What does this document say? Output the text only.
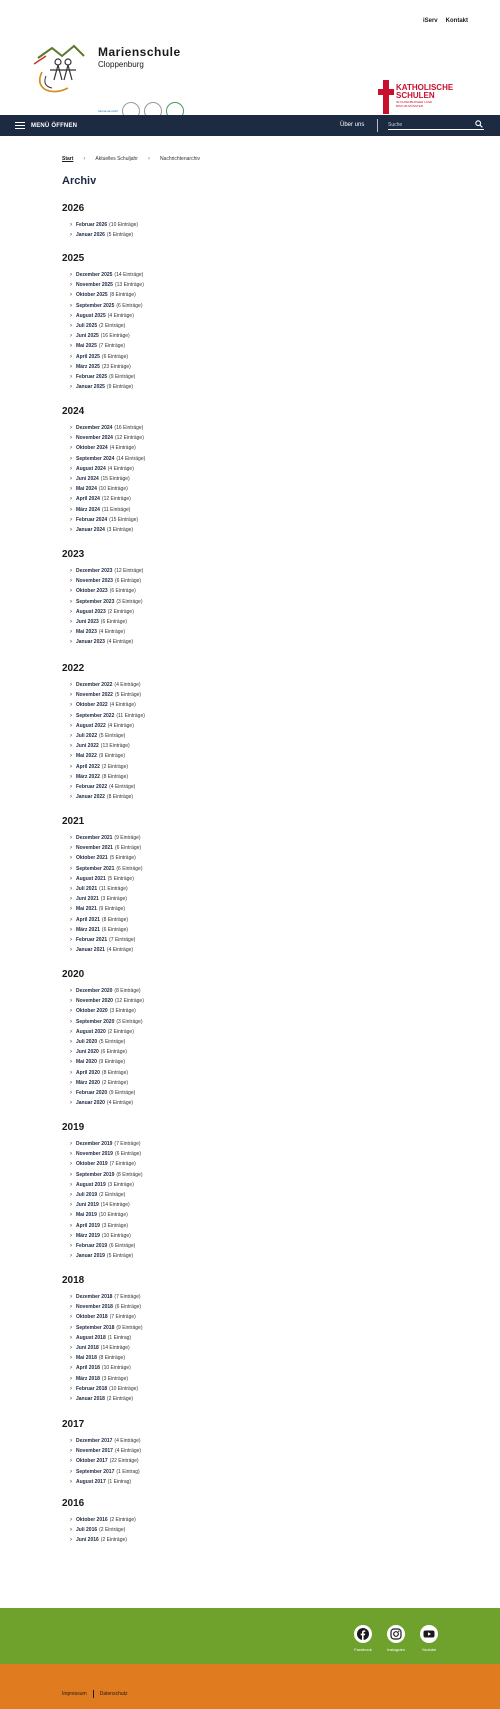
iServ Kontakt
Marienschule
Cloppenburg
hanna.de.recht
KATHOLISCHE
SCHULEN
IM OLDENBURGER LAND
BISTUM MÜNSTER
MENÜ ÖFFNEN	Über uns
Suche
Start › Aktuelles Schuljahr › Nachrichtenarchiv
Archiv
2026
› Februar 2026 (10 Einträge)
› Januar 2026 (5 Einträge)
2025
› Dezember 2025 (14 Einträge)
› November 2025 (13 Einträge)
› Oktober 2025 (8 Einträge)
› September 2025 (6 Einträge)
› August 2025 (4 Einträge)
› Juli 2025 (2 Einträge)
› Juni 2025 (16 Einträge)
› Mai 2025 (7 Einträge)
› April 2025 (6 Einträge)
› März 2025 (23 Einträge)
› Februar 2025 (9 Einträge)
› Januar 2025 (9 Einträge)
2024
› Dezember 2024 (16 Einträge)
› November 2024 (12 Einträge)
› Oktober 2024 (4 Einträge)
› September 2024 (14 Einträge)
› August 2024 (4 Einträge)
› Juni 2024 (15 Einträge)
› Mai 2024 (10 Einträge)
› April 2024 (12 Einträge)
› März 2024 (11 Einträge)
› Februar 2024 (15 Einträge)
› Januar 2024 (3 Einträge)
2023
› Dezember 2023 (12 Einträge)
› November 2023 (6 Einträge)
› Oktober 2023 (6 Einträge)
› September 2023 (3 Einträge)
› August 2023 (2 Einträge)
› Juni 2023 (6 Einträge)
› Mai 2023 (4 Einträge)
› Januar 2023 (4 Einträge)
2022
› Dezember 2022 (4 Einträge)
› November 2022 (5 Einträge)
› Oktober 2022 (4 Einträge)
› September 2022 (11 Einträge)
› August 2022 (4 Einträge)
› Juli 2022 (5 Einträge)
› Juni 2022 (13 Einträge)
› Mai 2022 (9 Einträge)
› April 2022 (2 Einträge)
› März 2022 (8 Einträge)
› Februar 2022 (4 Einträge)
› Januar 2022 (8 Einträge)
2021
› Dezember 2021 (9 Einträge)
› November 2021 (6 Einträge)
› Oktober 2021 (5 Einträge)
› September 2021 (6 Einträge)
› August 2021 (5 Einträge)
› Juli 2021 (11 Einträge)
› Juni 2021 (3 Einträge)
› Mai 2021 (9 Einträge)
› April 2021 (8 Einträge)
› März 2021 (6 Einträge)
› Februar 2021 (7 Einträge)
› Januar 2021 (4 Einträge)
2020
› Dezember 2020 (8 Einträge)
› November 2020 (12 Einträge)
› Oktober 2020 (3 Einträge)
› September 2020 (3 Einträge)
› August 2020 (2 Einträge)
› Juli 2020 (5 Einträge)
› Juni 2020 (6 Einträge)
› Mai 2020 (9 Einträge)
› April 2020 (8 Einträge)
› März 2020 (2 Einträge)
› Februar 2020 (9 Einträge)
› Januar 2020 (4 Einträge)
2019
› Dezember 2019 (7 Einträge)
› November 2019 (6 Einträge)
› Oktober 2019 (7 Einträge)
› September 2019 (8 Einträge)
› August 2019 (3 Einträge)
› Juli 2019 (2 Einträge)
› Juni 2019 (14 Einträge)
› Mai 2019 (10 Einträge)
› April 2019 (3 Einträge)
› März 2019 (10 Einträge)
› Februar 2019 (6 Einträge)
› Januar 2019 (5 Einträge)
2018
› Dezember 2018 (7 Einträge)
› November 2018 (6 Einträge)
› Oktober 2018 (7 Einträge)
› September 2018 (9 Einträge)
› August 2018 (1 Eintrag)
› Juni 2018 (14 Einträge)
› Mai 2018 (8 Einträge)
› April 2018 (10 Einträge)
› März 2018 (3 Einträge)
› Februar 2018 (10 Einträge)
› Januar 2018 (2 Einträge)
2017
› Dezember 2017 (4 Einträge)
› November 2017 (4 Einträge)
› Oktober 2017 (22 Einträge)
› September 2017 (1 Eintrag)
› August 2017 (1 Eintrag)
2016
› Oktober 2016 (2 Einträge)
› Juli 2016 (2 Einträge)
› Juni 2016 (2 Einträge)
Facebook	Instagram	Youtube
Impressum	Datenschutz
